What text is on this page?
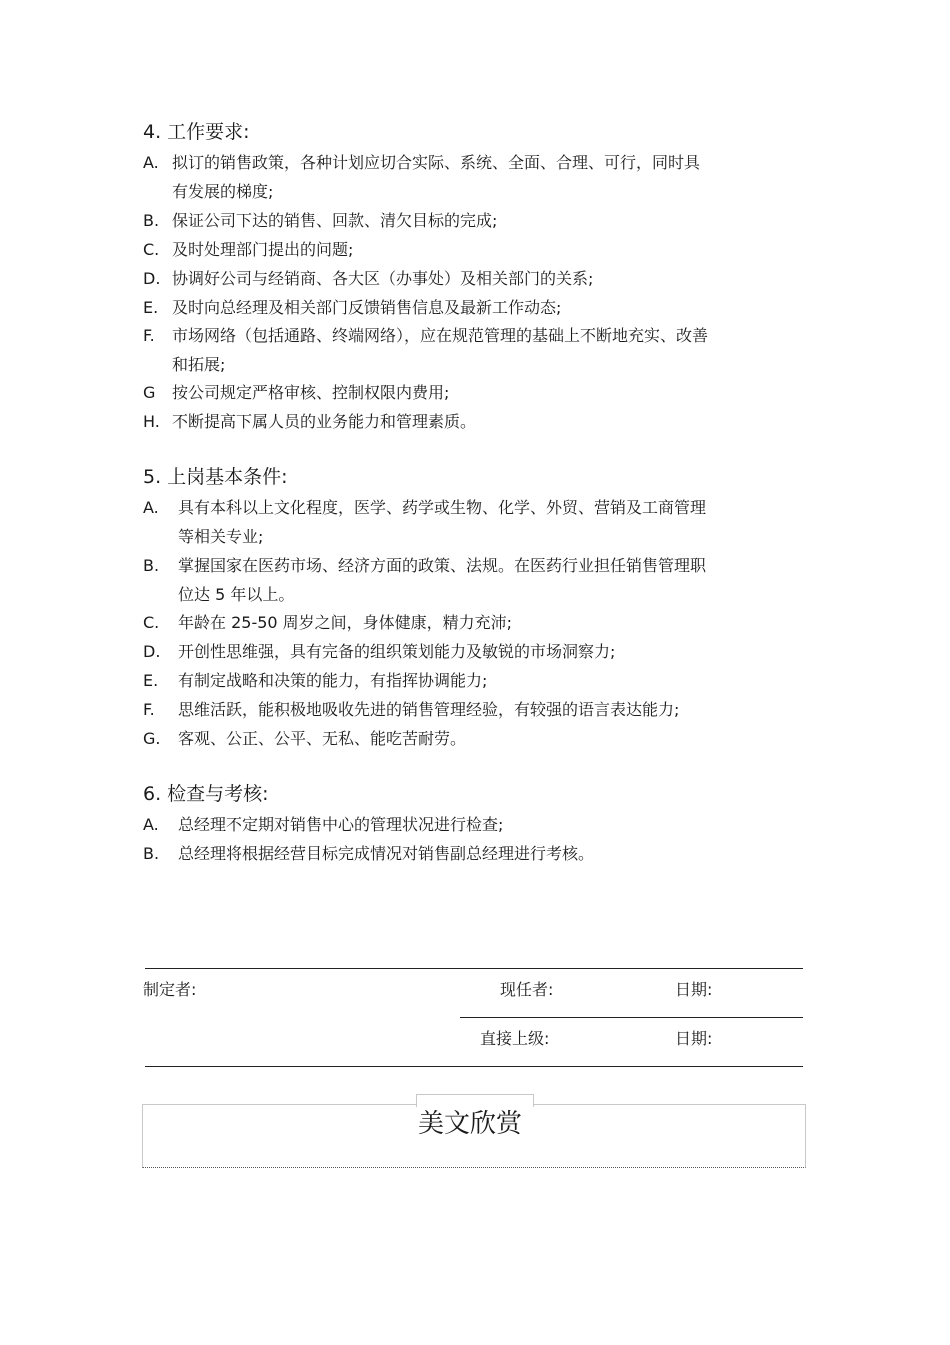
4. 工作要求:
A. 拟订的销售政策，各种计划应切合实际、系统、全面、合理、可行，同时具
有发展的梯度;
B. 保证公司下达的销售、回款、清欠目标的完成;
C. 及时处理部门提出的问题;
D. 协调好公司与经销商、各大区（办事处）及相关部门的关系;
E. 及时向总经理及相关部门反馈销售信息及最新工作动态;
F. 市场网络（包括通路、终端网络），应在规范管理的基础上不断地充实、改善
和拓展;
G 按公司规定严格审核、控制权限内费用;
H. 不断提高下属人员的业务能力和管理素质。
5. 上岗基本条件:
A. 具有本科以上文化程度，医学、药学或生物、化学、外贸、营销及工商管理
等相关专业;
B. 掌握国家在医药市场、经济方面的政策、法规。在医药行业担任销售管理职
位达 5 年以上。
C. 年龄在 25-50 周岁之间，身体健康，精力充沛;
D. 开创性思维强，具有完备的组织策划能力及敏锐的市场洞察力;
E. 有制定战略和决策的能力，有指挥协调能力;
F. 思维活跃，能积极地吸收先进的销售管理经验，有较强的语言表达能力;
G. 客观、公正、公平、无私、能吃苦耐劳。
6. 检查与考核:
A. 总经理不定期对销售中心的管理状况进行检查;
B. 总经理将根据经营目标完成情况对销售副总经理进行考核。
制定者:	现任者:	日期:
直接上级:	日期:
美文欣赏
